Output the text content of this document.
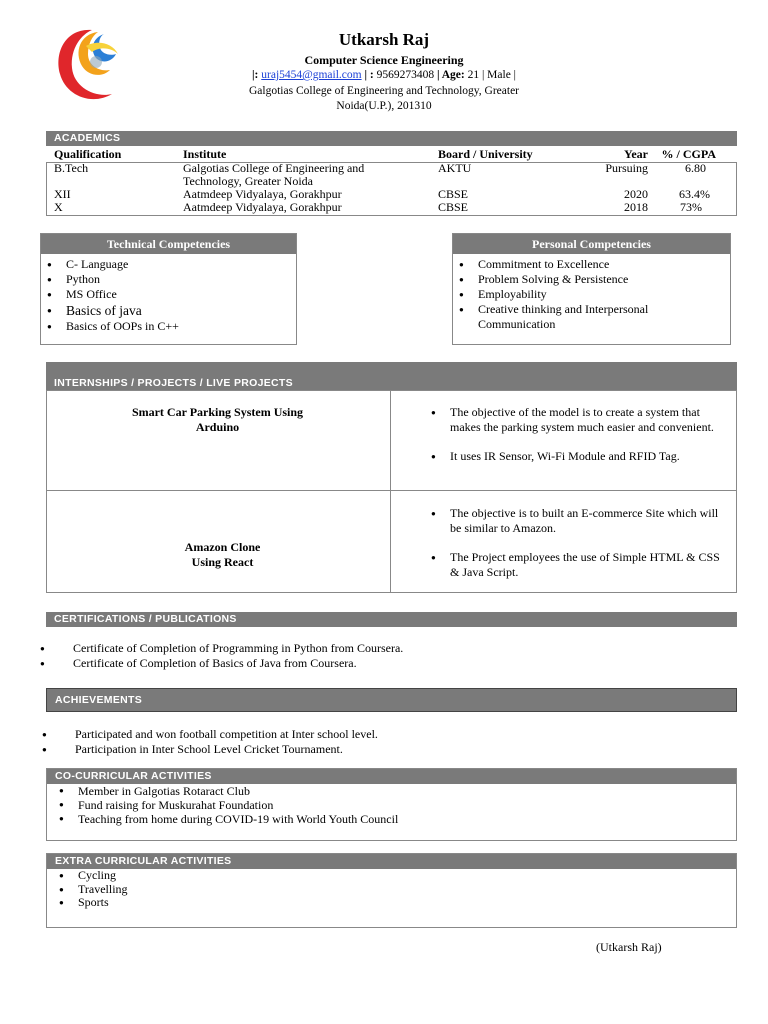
Utkarsh Raj
Computer Science Engineering
|: uraj5454@gmail.com | : 9569273408 | Age: 21 | Male |
Galgotias College of Engineering and Technology, Greater
Noida(U.P.), 201310
ACADEMICS
Qualification	Institute	Board / University	Year	% / CGPA
B.Tech	Galgotias College of Engineering and Technology, Greater Noida	AKTU	Pursuing	6.80
XII	Aatmdeep Vidyalaya, Gorakhpur	CBSE	2020	63.4%
X	Aatmdeep Vidyalaya, Gorakhpur	CBSE	2018	73%
Technical Competencies
● C- Language
● Python
● MS Office
● Basics of java
● Basics of OOPs in C++
Personal Competencies
● Commitment to Excellence
● Problem Solving & Persistence
● Employability
● Creative thinking and Interpersonal Communication
INTERNSHIPS / PROJECTS / LIVE PROJECTS
Smart Car Parking System Using
Arduino
● The objective of the model is to create a system that makes the parking system much easier and convenient.
● It uses IR Sensor, Wi-Fi Module and RFID Tag.
Amazon Clone
Using React
● The objective is to built an E-commerce Site which will be similar to Amazon.
● The Project employees the use of Simple HTML & CSS & Java Script.
CERTIFICATIONS / PUBLICATIONS
● Certificate of Completion of Programming in Python from Coursera.
● Certificate of Completion of Basics of Java from Coursera.
ACHIEVEMENTS
● Participated and won football competition at Inter school level.
● Participation in Inter School Level Cricket Tournament.
CO-CURRICULAR ACTIVITIES
● Member in Galgotias Rotaract Club
● Fund raising for Muskurahat Foundation
● Teaching from home during COVID-19 with World Youth Council
EXTRA CURRICULAR ACTIVITIES
● Cycling
● Travelling
● Sports
(Utkarsh Raj)
